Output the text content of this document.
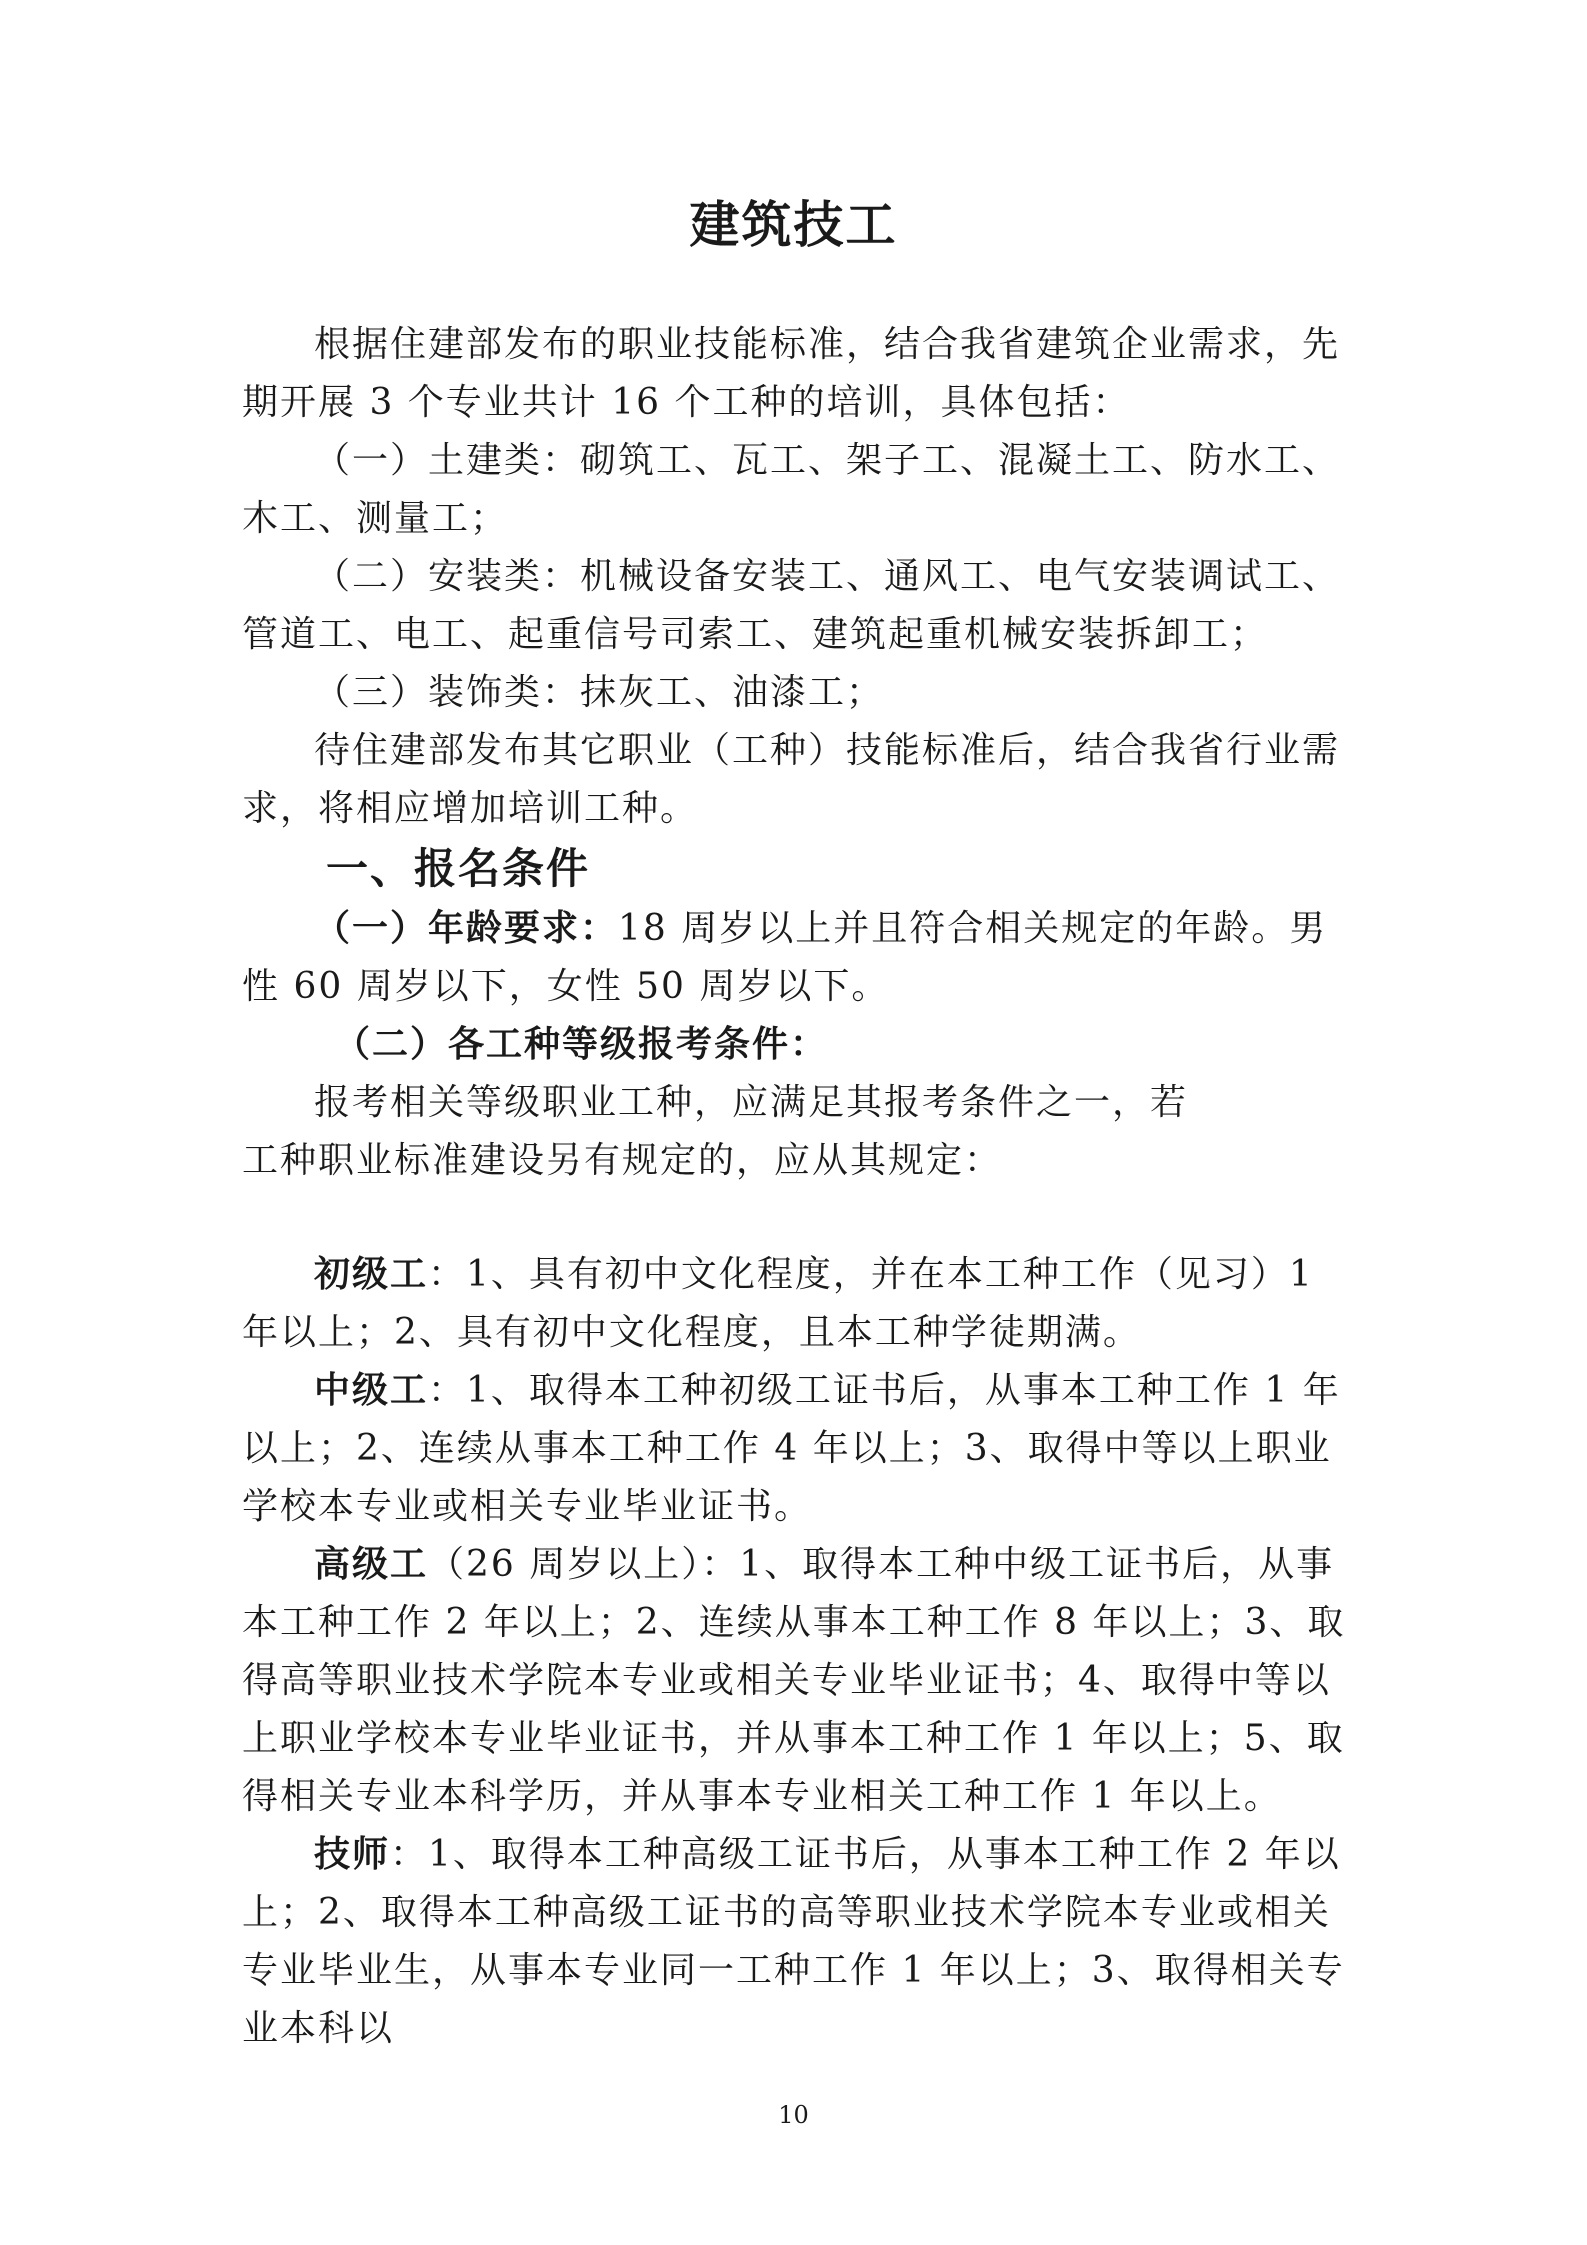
建筑技工

根据住建部发布的职业技能标准，结合我省建筑企业需求，先期开展 3 个专业共计 16 个工种的培训，具体包括：

（一）土建类：砌筑工、瓦工、架子工、混凝土工、防水工、木工、测量工；

（二）安装类：机械设备安装工、通风工、电气安装调试工、管道工、电工、起重信号司索工、建筑起重机械安装拆卸工；

（三）装饰类：抹灰工、油漆工；

待住建部发布其它职业（工种）技能标准后，结合我省行业需求，将相应增加培训工种。

一、报名条件

（一）年龄要求：18 周岁以上并且符合相关规定的年龄。男性 60 周岁以下，女性 50 周岁以下。

（二）各工种等级报考条件：

报考相关等级职业工种，应满足其报考条件之一，若工种职业标准建设另有规定的，应从其规定：

初级工：1、具有初中文化程度，并在本工种工作（见习）1 年以上；2、具有初中文化程度，且本工种学徒期满。

中级工：1、取得本工种初级工证书后，从事本工种工作 1 年以上；2、连续从事本工种工作 4 年以上；3、取得中等以上职业学校本专业或相关专业毕业证书。

高级工（26 周岁以上）：1、取得本工种中级工证书后，从事本工种工作 2 年以上；2、连续从事本工种工作 8 年以上；3、取得高等职业技术学院本专业或相关专业毕业证书；4、取得中等以上职业学校本专业毕业证书，并从事本工种工作 1 年以上；5、取得相关专业本科学历，并从事本专业相关工种工作 1 年以上。

技师：1、取得本工种高级工证书后，从事本工种工作 2 年以上；2、取得本工种高级工证书的高等职业技术学院本专业或相关专业毕业生，从事本专业同一工种工作 1 年以上；3、取得相关专业本科以

10
